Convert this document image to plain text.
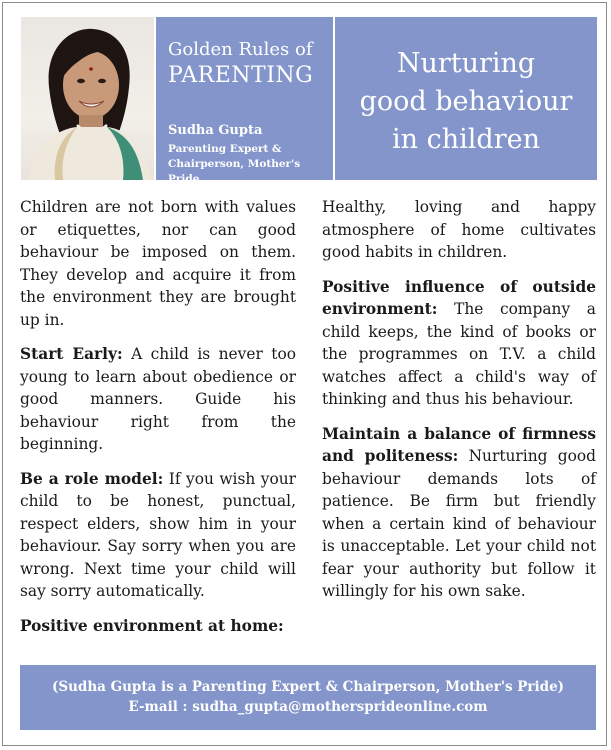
Golden Rules of
PARENTING
Sudha Gupta
Parenting Expert &
Chairperson, Mother's Pride
Nurturing
good behaviour
in children

Children are not born with values or etiquettes, nor can good behaviour be imposed on them. They develop and acquire it from the environment they are brought up in.

Start Early: A child is never too young to learn about obedience or good manners. Guide his behaviour right from the beginning.

Be a role model: If you wish your child to be honest, punctual, respect elders, show him in your behaviour. Say sorry when you are wrong. Next time your child will say sorry automatically.

Positive environment at home:

Healthy, loving and happy atmosphere of home cultivates good habits in children.

Positive influence of outside environment: The company a child keeps, the kind of books or the programmes on T.V. a child watches affect a child's way of thinking and thus his behaviour.

Maintain a balance of firmness and politeness: Nurturing good behaviour demands lots of patience. Be firm but friendly when a certain kind of behaviour is unacceptable. Let your child not fear your authority but follow it willingly for his own sake.

(Sudha Gupta is a Parenting Expert & Chairperson, Mother's Pride)
E-mail : sudha_gupta@mothersprideonline.com
